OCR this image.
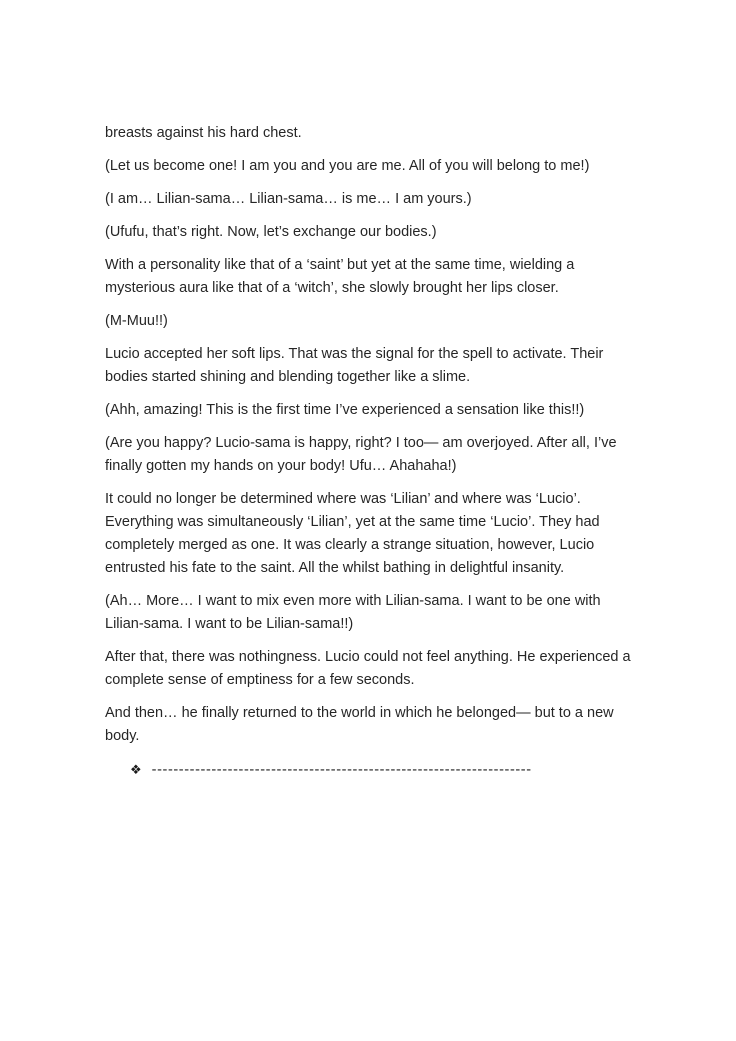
breasts against his hard chest.

(Let us become one! I am you and you are me. All of you will belong to me!)

(I am… Lilian-sama… Lilian-sama… is me… I am yours.)

(Ufufu, that’s right. Now, let’s exchange our bodies.)

With a personality like that of a ‘saint’ but yet at the same time, wielding a mysterious aura like that of a ‘witch’, she slowly brought her lips closer.

(M-Muu!!)

Lucio accepted her soft lips. That was the signal for the spell to activate. Their bodies started shining and blending together like a slime.

(Ahh, amazing! This is the first time I’ve experienced a sensation like this!!)

(Are you happy? Lucio-sama is happy, right? I too— am overjoyed. After all, I’ve finally gotten my hands on your body! Ufu… Ahahaha!)

It could no longer be determined where was ‘Lilian’ and where was ‘Lucio’. Everything was simultaneously ‘Lilian’, yet at the same time ‘Lucio’. They had completely merged as one. It was clearly a strange situation, however, Lucio entrusted his fate to the saint. All the whilst bathing in delightful insanity.

(Ah… More… I want to mix even more with Lilian-sama. I want to be one with Lilian-sama. I want to be Lilian-sama!!)

After that, there was nothingness. Lucio could not feel anything. He experienced a complete sense of emptiness for a few seconds.

And then… he finally returned to the world in which he belonged— but to a new body.

❖ ----------------------------------------------------------------------
